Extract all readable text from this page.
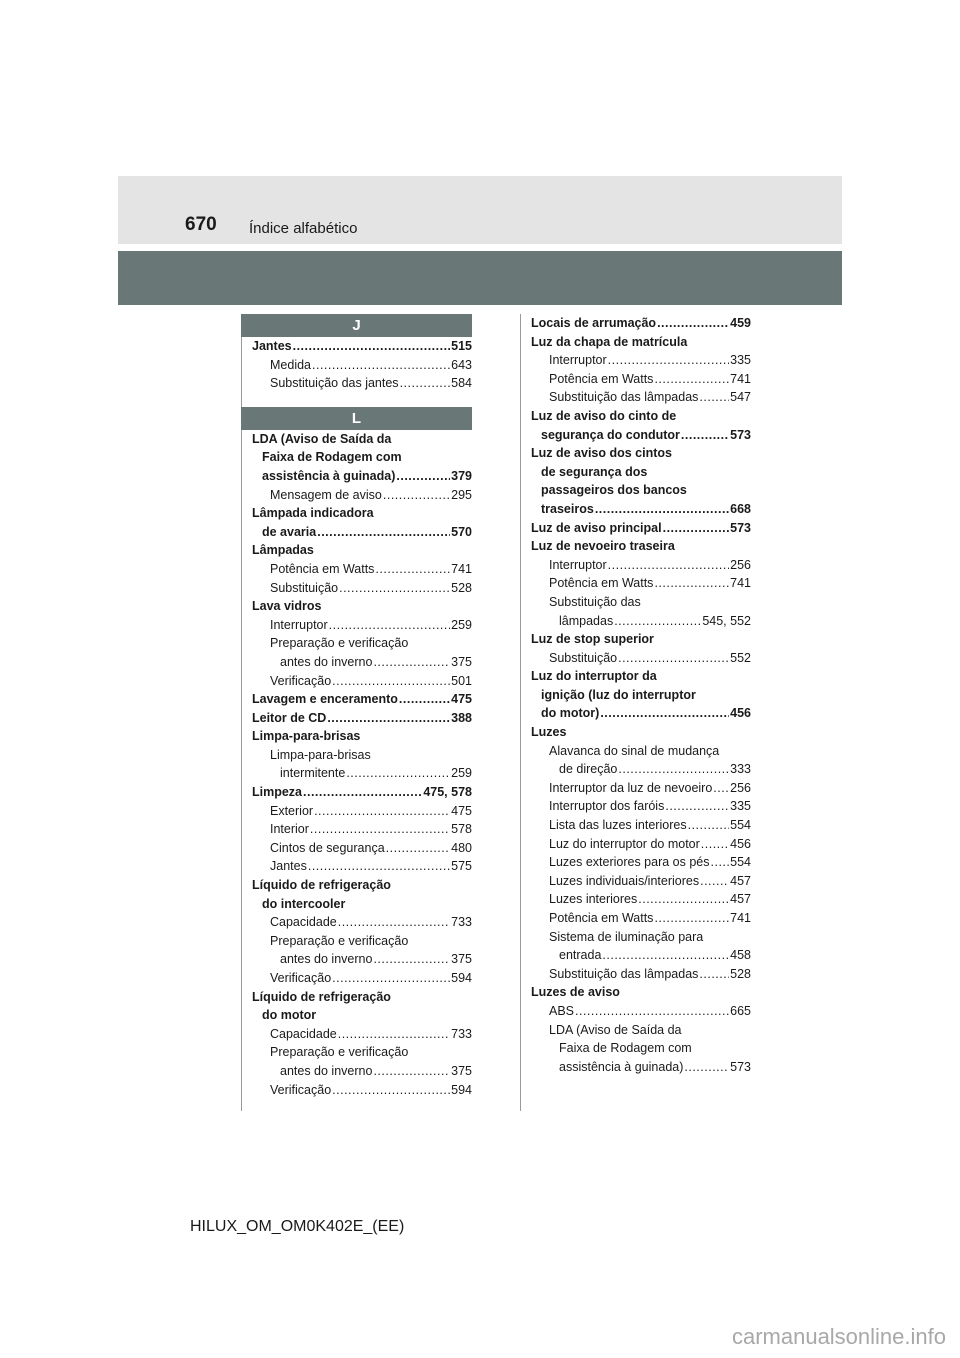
670 Índice alfabético
J
Jantes .....	515
Medida .....	643
Substituição das jantes .....	584
L
LDA (Aviso de Saída da
Faixa de Rodagem com
assistência à guinada) .....	379
Mensagem de aviso .....	295
Lâmpada indicadora
de avaria .....	570
Lâmpadas
Potência em Watts .....	741
Substituição .....	528
Lava vidros
Interruptor .....	259
Preparação e verificação
antes do inverno .....	375
Verificação .....	501
Lavagem e enceramento .....	475
Leitor de CD .....	388
Limpa-para-brisas
Limpa-para-brisas
intermitente .....	259
Limpeza .....	475, 578
Exterior .....	475
Interior .....	578
Cintos de segurança .....	480
Jantes .....	575
Líquido de refrigeração
do intercooler
Capacidade .....	733
Preparação e verificação
antes do inverno .....	375
Verificação .....	594
Líquido de refrigeração
do motor
Capacidade .....	733
Preparação e verificação
antes do inverno .....	375
Verificação .....	594
Locais de arrumação .....	459
Luz da chapa de matrícula
Interruptor .....	335
Potência em Watts .....	741
Substituição das lâmpadas .....	547
Luz de aviso do cinto de
segurança do condutor .....	573
Luz de aviso dos cintos
de segurança dos
passageiros dos bancos
traseiros .....	668
Luz de aviso principal .....	573
Luz de nevoeiro traseira
Interruptor .....	256
Potência em Watts .....	741
Substituição das
lâmpadas .....	545, 552
Luz de stop superior
Substituição .....	552
Luz do interruptor da
ignição (luz do interruptor
do motor) .....	456
Luzes
Alavanca do sinal de mudança
de direção .....	333
Interruptor da luz de nevoeiro ..... 256
Interruptor dos faróis .....	335
Lista das luzes interiores .....	554
Luz do interruptor do motor ..... 456
Luzes exteriores para os pés ..... 554
Luzes individuais/interiores ..... 457
Luzes interiores .....	457
Potência em Watts .....	741
Sistema de iluminação para
entrada .....	458
Substituição das lâmpadas .....	528
Luzes de aviso
ABS .....	665
LDA (Aviso de Saída da
Faixa de Rodagem com
assistência à guinada) .....	573
HILUX_OM_OM0K402E_(EE)
carmanualsonline.info
